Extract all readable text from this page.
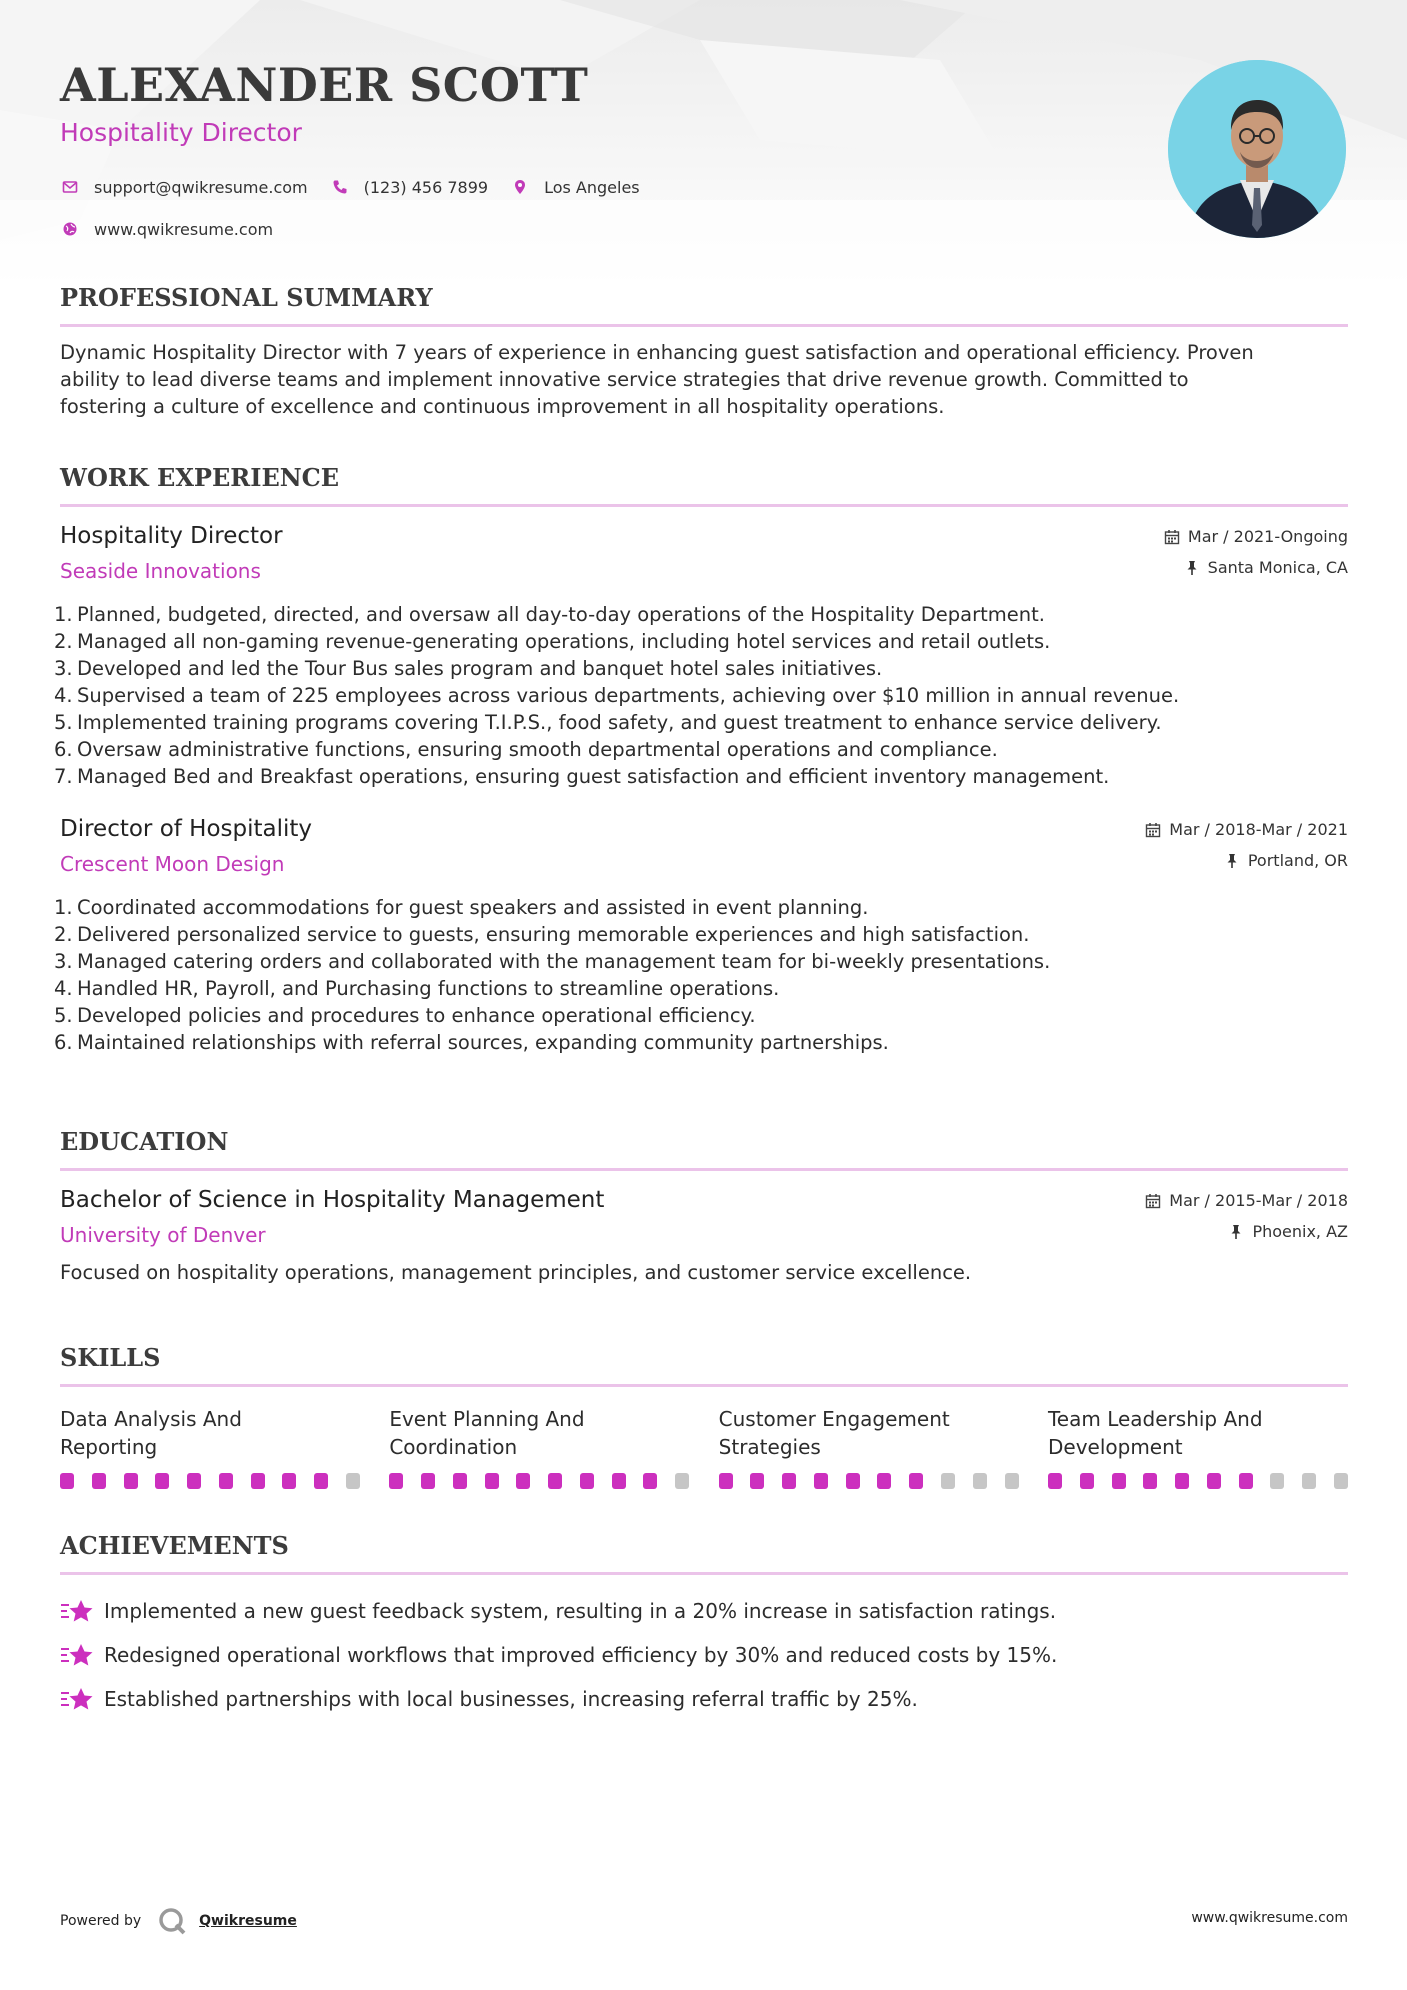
ALEXANDER SCOTT
Hospitality Director
support@qwikresume.com	(123) 456 7899	Los Angeles
www.qwikresume.com
PROFESSIONAL SUMMARY

Dynamic Hospitality Director with 7 years of experience in enhancing guest satisfaction and operational efficiency. Proven
ability to lead diverse teams and implement innovative service strategies that drive revenue growth. Committed to
fostering a culture of excellence and continuous improvement in all hospitality operations.

WORK EXPERIENCE
Hospitality Director
Seaside Innovations
Mar / 2021-Ongoing
Santa Monica, CA
1. Planned, budgeted, directed, and oversaw all day-to-day operations of the Hospitality Department.
2. Managed all non-gaming revenue-generating operations, including hotel services and retail outlets.
3. Developed and led the Tour Bus sales program and banquet hotel sales initiatives.
4. Supervised a team of 225 employees across various departments, achieving over $10 million in annual revenue.
5. Implemented training programs covering T.I.P.S., food safety, and guest treatment to enhance service delivery.
6. Oversaw administrative functions, ensuring smooth departmental operations and compliance.
7. Managed Bed and Breakfast operations, ensuring guest satisfaction and efficient inventory management.
Director of Hospitality
Crescent Moon Design
Mar / 2018-Mar / 2021
Portland, OR
1. Coordinated accommodations for guest speakers and assisted in event planning.
2. Delivered personalized service to guests, ensuring memorable experiences and high satisfaction.
3. Managed catering orders and collaborated with the management team for bi-weekly presentations.
4. Handled HR, Payroll, and Purchasing functions to streamline operations.
5. Developed policies and procedures to enhance operational efficiency.
6. Maintained relationships with referral sources, expanding community partnerships.
EDUCATION
Bachelor of Science in Hospitality Management
University of Denver
Mar / 2015-Mar / 2018
Phoenix, AZ

Focused on hospitality operations, management principles, and customer service excellence.

SKILLS
Data Analysis And
Reporting
Event Planning And
Coordination
Customer Engagement
Strategies
Team Leadership And
Development
ACHIEVEMENTS
Implemented a new guest feedback system, resulting in a 20% increase in satisfaction ratings.
Redesigned operational workflows that improved efficiency by 30% and reduced costs by 15%.
Established partnerships with local businesses, increasing referral traffic by 25%.
Powered by	Qwikresume	www.qwikresume.com
